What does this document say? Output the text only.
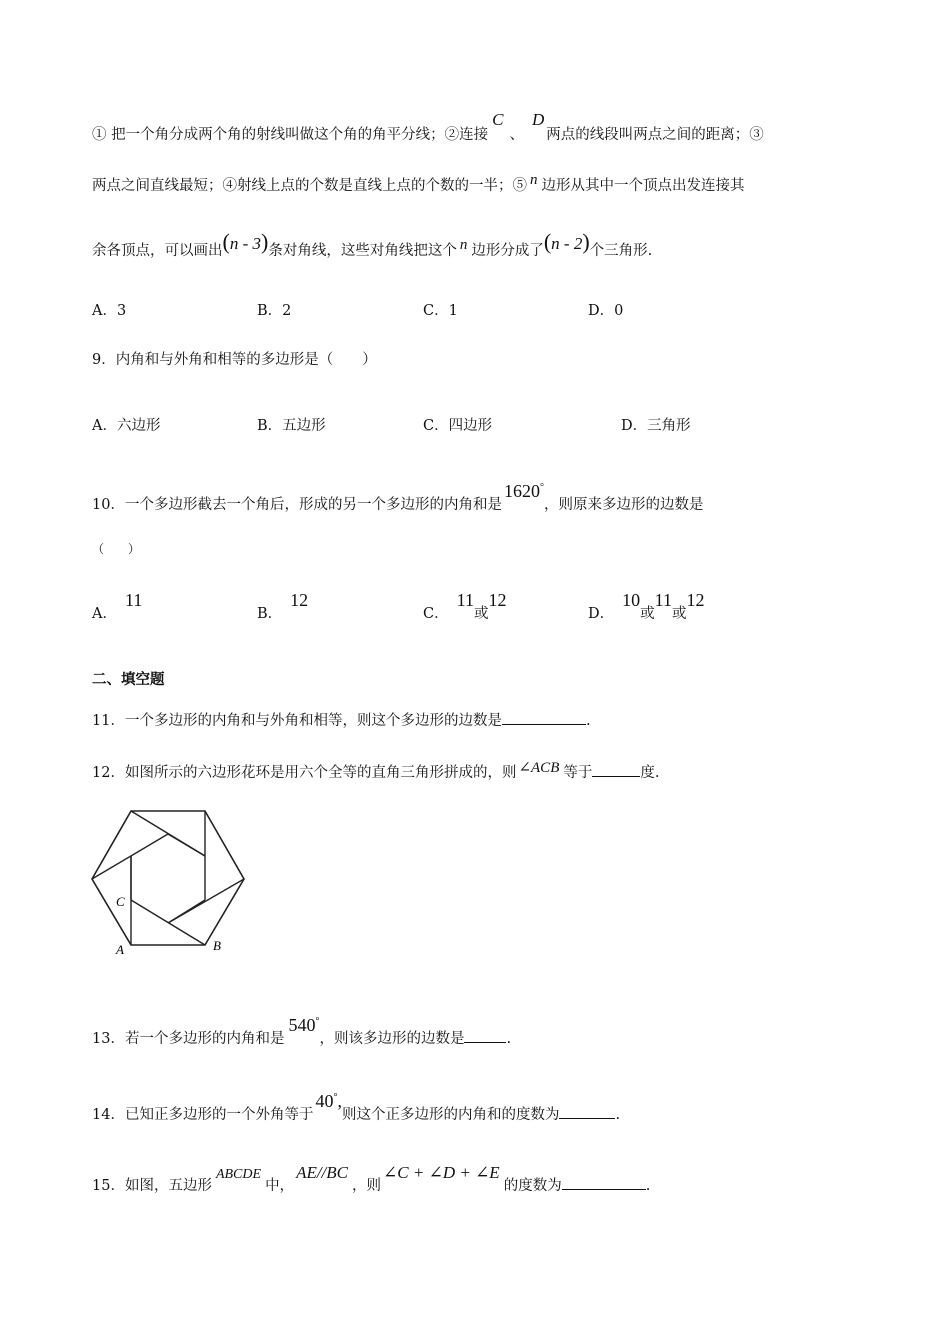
① 把一个角分成两个角的射线叫做这个角的角平分线；②连接C、D两点的线段叫两点之间的距离；③
两点之间直线最短；④射线上点的个数是直线上点的个数的一半；⑤ n 边形从其中一个顶点出发连接其
余各顶点，可以画出(n - 3)条对角线，这些对角线把这个 n 边形分成了(n - 2)个三角形.
A．3	B．2	C．1	D．0
9．内角和与外角和相等的多边形是（　　）
A．六边形	B．五边形	C．四边形	D．三角形
10．一个多边形截去一个角后，形成的另一个多边形的内角和是1620°，则原来多边形的边数是
（　　）
A．11
B．12
C．11或12
D．10或11或12
二、填空题
11．一个多边形的内角和与外角和相等，则这个多边形的边数是	.
12．如图所示的六边形花环是用六个全等的直角三角形拼成的，则 ∠ACB 等于	度.
C
A	B
13．若一个多边形的内角和是540°，则该多边形的边数是	.
14．已知正多边形的一个外角等于40°,则这个正多边形的内角和的度数为	.
15．如图，五边形ABCDE中，AE//BC，则∠C + ∠D + ∠E的度数为	.
